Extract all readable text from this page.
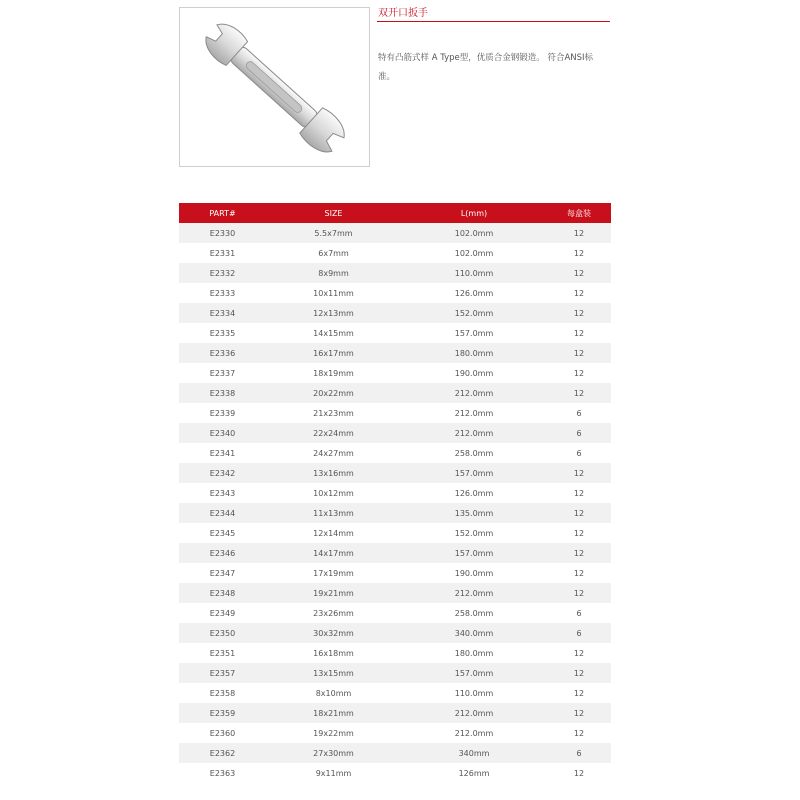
双开口扳手
特有凸筋式样 A Type型，优质合金钢锻造。 符合ANSI标准。
PART#	SIZE	L(mm)	每盒装
E2330	5.5x7mm	102.0mm	12
E2331	6x7mm	102.0mm	12
E2332	8x9mm	110.0mm	12
E2333	10x11mm	126.0mm	12
E2334	12x13mm	152.0mm	12
E2335	14x15mm	157.0mm	12
E2336	16x17mm	180.0mm	12
E2337	18x19mm	190.0mm	12
E2338	20x22mm	212.0mm	12
E2339	21x23mm	212.0mm	6
E2340	22x24mm	212.0mm	6
E2341	24x27mm	258.0mm	6
E2342	13x16mm	157.0mm	12
E2343	10x12mm	126.0mm	12
E2344	11x13mm	135.0mm	12
E2345	12x14mm	152.0mm	12
E2346	14x17mm	157.0mm	12
E2347	17x19mm	190.0mm	12
E2348	19x21mm	212.0mm	12
E2349	23x26mm	258.0mm	6
E2350	30x32mm	340.0mm	6
E2351	16x18mm	180.0mm	12
E2357	13x15mm	157.0mm	12
E2358	8x10mm	110.0mm	12
E2359	18x21mm	212.0mm	12
E2360	19x22mm	212.0mm	12
E2362	27x30mm	340mm	6
E2363	9x11mm	126mm	12
